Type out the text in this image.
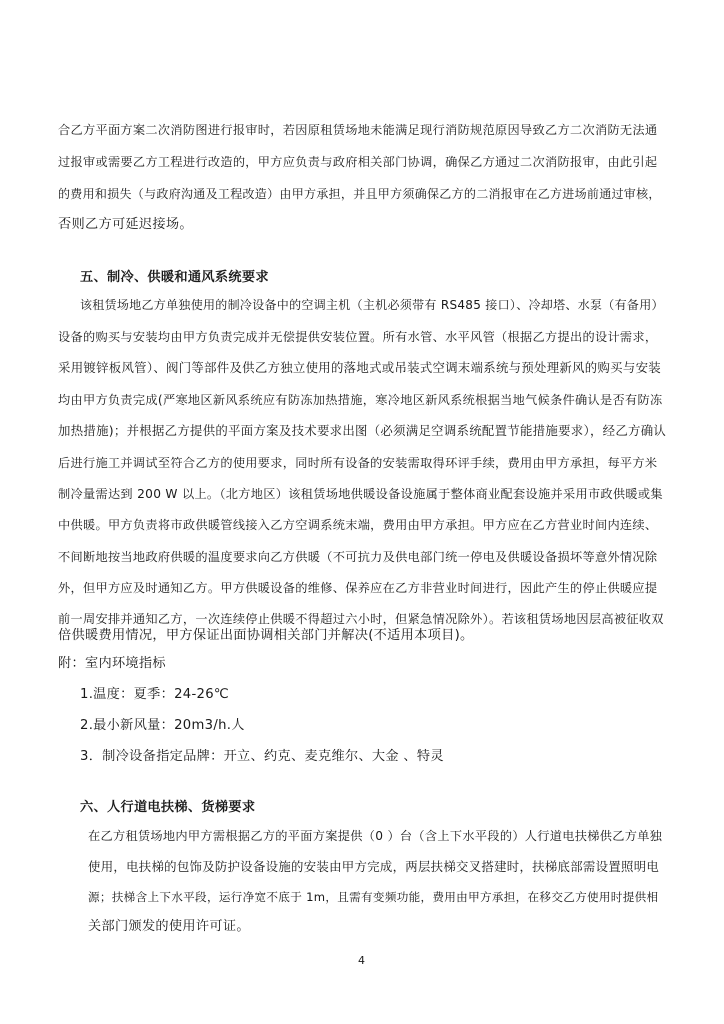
合乙方平面方案二次消防图进行报审时，若因原租赁场地未能满足现行消防规范原因导致乙方二次消防无法通
过报审或需要乙方工程进行改造的，甲方应负责与政府相关部门协调，确保乙方通过二次消防报审，由此引起
的费用和损失（与政府沟通及工程改造）由甲方承担，并且甲方须确保乙方的二消报审在乙方进场前通过审核，
否则乙方可延迟接场。
五、制冷、供暖和通风系统要求
该租赁场地乙方单独使用的制冷设备中的空调主机（主机必须带有 RS485 接口）、冷却塔、水泵（有备用）
设备的购买与安装均由甲方负责完成并无偿提供安装位置。所有水管、水平风管（根据乙方提出的设计需求，
采用镀锌板风管）、阀门等部件及供乙方独立使用的落地式或吊装式空调末端系统与预处理新风的购买与安装
均由甲方负责完成(严寒地区新风系统应有防冻加热措施，寒冷地区新风系统根据当地气候条件确认是否有防冻
加热措施)；并根据乙方提供的平面方案及技术要求出图（必须满足空调系统配置节能措施要求），经乙方确认
后进行施工并调试至符合乙方的使用要求，同时所有设备的安装需取得环评手续，费用由甲方承担，每平方米
制冷量需达到 200 W 以上。（北方地区）该租赁场地供暖设备设施属于整体商业配套设施并采用市政供暖或集
中供暖。甲方负责将市政供暖管线接入乙方空调系统末端，费用由甲方承担。甲方应在乙方营业时间内连续、
不间断地按当地政府供暖的温度要求向乙方供暖（不可抗力及供电部门统一停电及供暖设备损坏等意外情况除
外，但甲方应及时通知乙方。甲方供暖设备的维修、保养应在乙方非营业时间进行，因此产生的停止供暖应提
前一周安排并通知乙方，一次连续停止供暖不得超过六小时，但紧急情况除外）。若该租赁场地因层高被征收双
倍供暖费用情况，甲方保证出面协调相关部门并解决(不适用本项目)。
附：室内环境指标
1.温度：夏季：24-26℃
2.最小新风量：20m3/h.人
3．制冷设备指定品牌：开立、约克、麦克维尔、大金 、特灵
六、人行道电扶梯、货梯要求
在乙方租赁场地内甲方需根据乙方的平面方案提供（0 ）台（含上下水平段的）人行道电扶梯供乙方单独
使用，电扶梯的包饰及防护设备设施的安装由甲方完成，两层扶梯交叉搭建时，扶梯底部需设置照明电
源；扶梯含上下水平段，运行净宽不底于 1m，且需有变频功能，费用由甲方承担，在移交乙方使用时提供相
关部门颁发的使用许可证。
4
